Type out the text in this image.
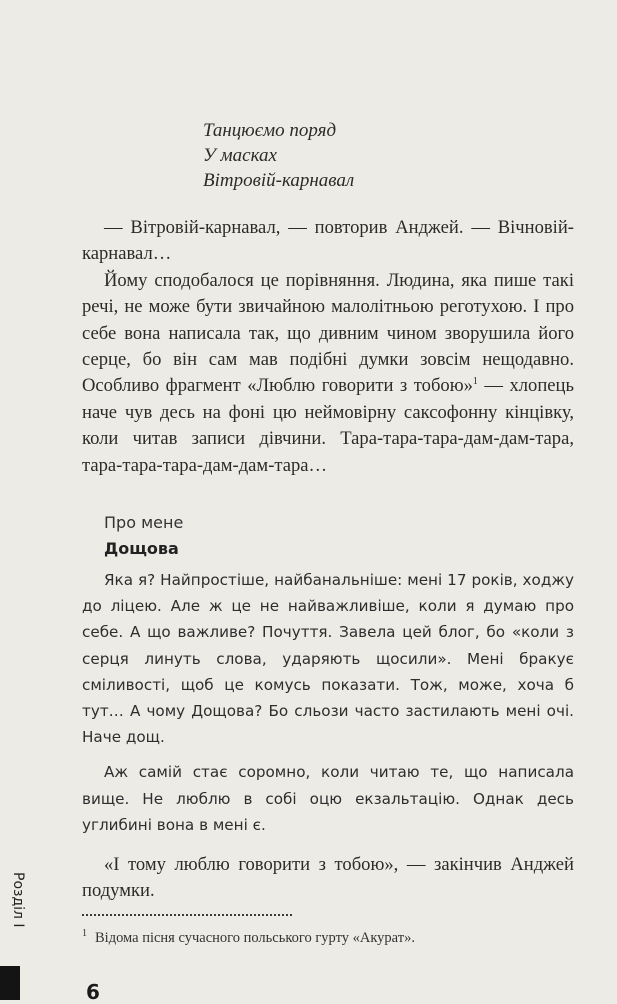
Танцюємо поряд
У масках
Вітровій-карнавал
— Вітровій-карнавал, — повторив Анджей. — Вічновій-карнавал…
Йому сподобалося це порівняння. Людина, яка пише такі речі, не може бути звичайною малолітньою реготухою. І про себе вона написала так, що дивним чином зворушила його серце, бо він сам мав подібні думки зовсім нещодавно. Особливо фрагмент «Люблю говорити з тобою»$^1$ — хлопець наче чув десь на фоні цю неймовірну саксофонну кінцівку, коли читав записи дівчини. Тара-тара-тара-дам-дам-тара, тара-тара-тара-дам-дам-тара…
Про мене
Дощова
Яка я? Найпростіше, найбанальніше: мені 17 років, ходжу до ліцею. Але ж це не найважливіше, коли я думаю про себе. А що важливе? Почуття. Завела цей блог, бо «коли з серця линуть слова, ударяють щосили». Мені бракує сміливості, щоб це комусь показати. Тож, може, хоча б тут… А чому Дощова? Бо сльози часто застилають мені очі. Наче дощ.
Аж самій стає соромно, коли читаю те, що написала вище. Не люблю в собі оцю екзальтацію. Однак десь углибині вона в мені є.
«І тому люблю говорити з тобою», — закінчив Анджей подумки.
$^1$ Відома пісня сучасного польського гурту «Акурат».
Розділ І
6
